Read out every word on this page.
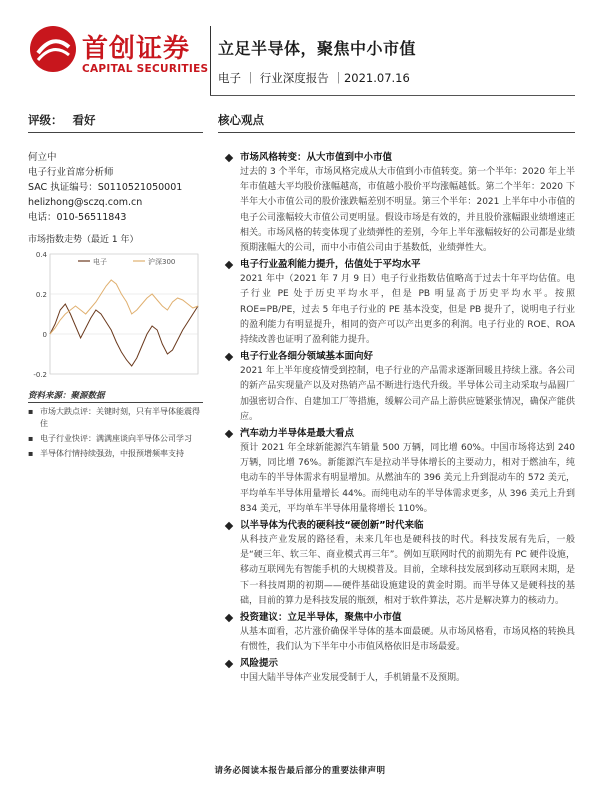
首创证券
CAPITAL SECURITIES
立足半导体，聚焦中小市值
电子 ｜ 行业深度报告 ｜2021.07.16
评级： 看好	核心观点
何立中
电子行业首席分析师
SAC 执证编号：S0110521050001
helizhong@sczq.com.cn
电话：010-56511843
市场指数走势（最近 1 年）
0.4
0.2
0
-0.2
电子	沪深300
资料来源：聚源数据
▪ 市场大跌点评：关键时刻，只有半导体能震得住
▪ 电子行业快评：满满座谈向半导体公司学习
▪ 半导体行情持续强劲，中报预增频率支持
市场风格转变：从大市值到中小市值
过去的 3 个半年，市场风格完成从大市值到小市值转变。第一个半年：2020 年上半年市值越大平均股价涨幅越高，市值越小股价平均涨幅越低。第二个半年：2020 下半年大小市值公司的股价涨跌幅差别不明显。第三个半年：2021 上半年中小市值的电子公司涨幅较大市值公司更明显。假设市场是有效的，并且股价涨幅跟业绩增速正相关。市场风格的转变体现了业绩弹性的差别，今年上半年涨幅较好的公司都是业绩预期涨幅大的公司，而中小市值公司由于基数低，业绩弹性大。
电子行业盈利能力提升，估值处于平均水平
2021 年中（2021 年 7 月 9 日）电子行业指数估值略高于过去十年平均估值。电子行业 PE 处于历史平均水平，但是 PB 明显高于历史平均水平。按照 ROE=PB/PE，过去 5 年电子行业的 PE 基本没变，但是 PB 提升了，说明电子行业的盈利能力有明显提升，相同的资产可以产出更多的利润。电子行业的 ROE、ROA 持续改善也证明了盈利能力提升。
电子行业各细分领域基本面向好
2021 年上半年度疫情受到控制，电子行业的产品需求逐渐回暖且持续上涨。各公司的新产品实现量产以及对热销产品不断进行迭代升级。半导体公司主动采取与晶圆厂加强密切合作、自建加工厂等措施，缓解公司产品上游供应链紧张情况，确保产能供应。
汽车动力半导体是最大看点
预计 2021 年全球新能源汽车销量 500 万辆，同比增 60%。中国市场将达到 240 万辆，同比增 76%。新能源汽车是拉动半导体增长的主要动力，相对于燃油车，纯电动车的半导体需求有明显增加。从燃油车的 396 美元上升到混动车的 572 美元，平均单车半导体用量增长 44%。而纯电动车的半导体需求更多，从 396 美元上升到 834 美元，平均单车半导体用量将增长 110%。
以半导体为代表的硬科技“硬创新”时代来临
从科技产业发展的路径看，未来几年也是硬科技的时代。科技发展有先后，一般是“硬三年、软三年、商业模式再三年”。例如互联网时代的前期先有 PC 硬件设施，移动互联网先有智能手机的大规模普及。目前，全球科技发展到移动互联网末期，是下一科技周期的初期——硬件基础设施建设的黄金时期。而半导体又是硬科技的基础，目前的算力是科技发展的瓶颈，相对于软件算法，芯片是解决算力的核动力。
投资建议：立足半导体，聚焦中小市值
从基本面看，芯片涨价确保半导体的基本面最硬。从市场风格看，市场风格的转换具有惯性，我们认为下半年中小市值风格依旧是市场最爱。
风险提示
中国大陆半导体产业发展受制于人，手机销量不及预期。
请务必阅读本报告最后部分的重要法律声明
